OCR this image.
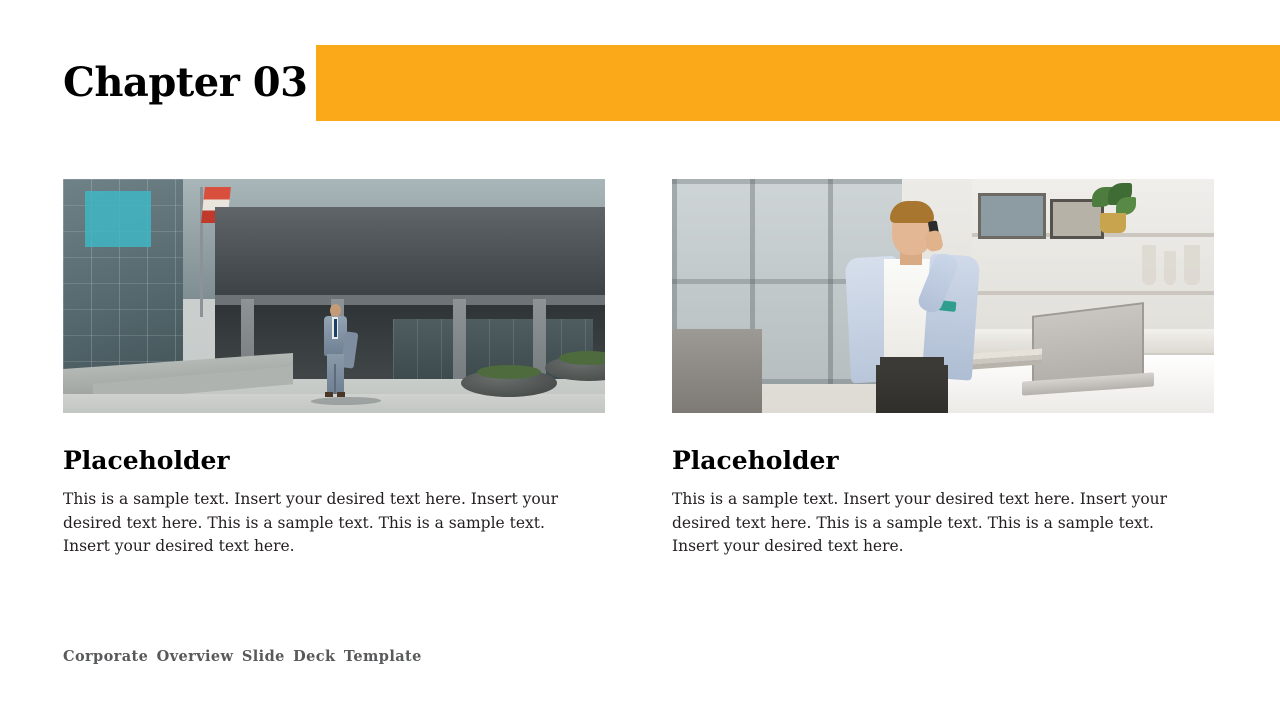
Chapter 03
Placeholder
This is a sample text. Insert your desired text here. Insert your desired text here. This is a sample text. This is a sample text. Insert your desired text here.
Placeholder
This is a sample text. Insert your desired text here. Insert your desired text here. This is a sample text. This is a sample text. Insert your desired text here.
Corporate Overview Slide Deck Template
